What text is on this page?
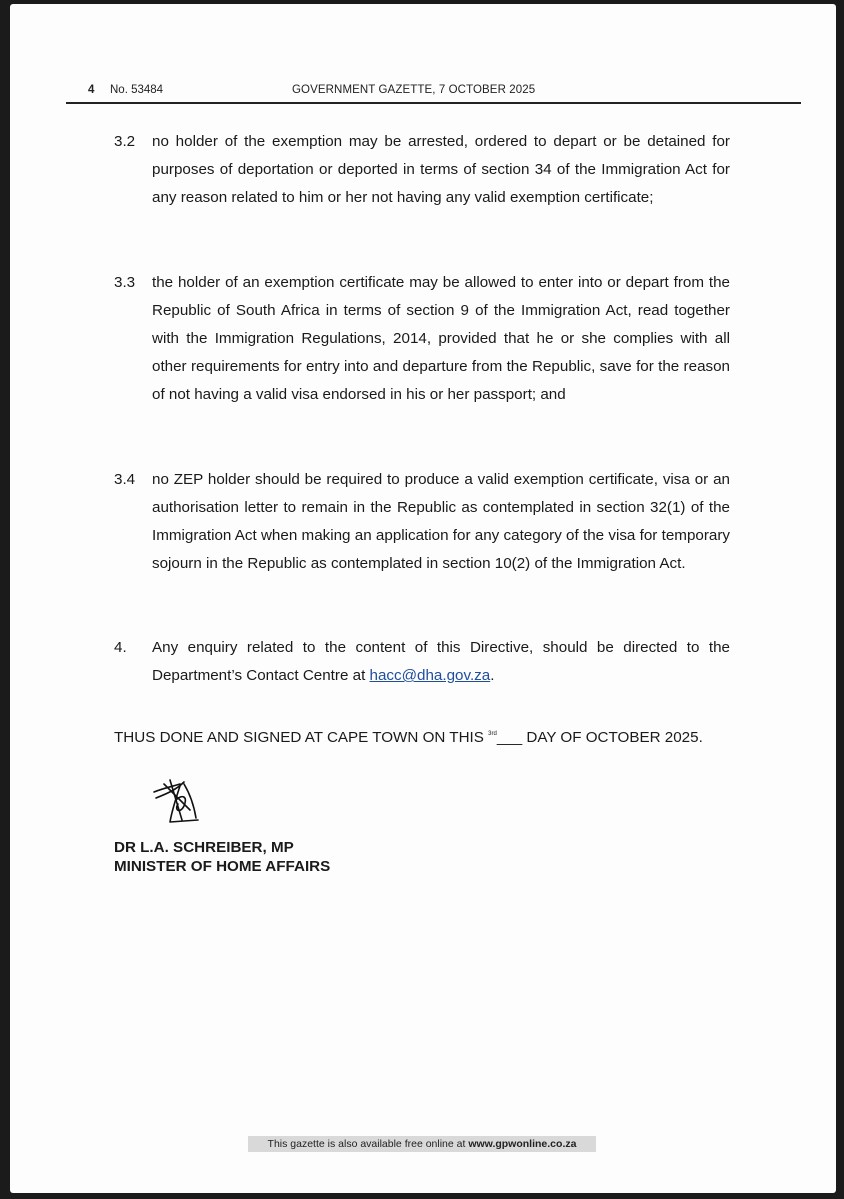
4 No. 53484	GOVERNMENT GAZETTE, 7 OCTOBER 2025
3.2	no holder of the exemption may be arrested, ordered to depart or be detained for purposes of deportation or deported in terms of section 34 of the Immigration Act for any reason related to him or her not having any valid exemption certificate;
3.3	the holder of an exemption certificate may be allowed to enter into or depart from the Republic of South Africa in terms of section 9 of the Immigration Act, read together with the Immigration Regulations, 2014, provided that he or she complies with all other requirements for entry into and departure from the Republic, save for the reason of not having a valid visa endorsed in his or her passport; and
3.4	no ZEP holder should be required to produce a valid exemption certificate, visa or an authorisation letter to remain in the Republic as contemplated in section 32(1) of the Immigration Act when making an application for any category of the visa for temporary sojourn in the Republic as contemplated in section 10(2) of the Immigration Act.
4.	Any enquiry related to the content of this Directive, should be directed to the Department’s Contact Centre at hacc@dha.gov.za.
THUS DONE AND SIGNED AT CAPE TOWN ON THIS $^{3rd}$___ DAY OF OCTOBER 2025.
DR L.A. SCHREIBER, MP
MINISTER OF HOME AFFAIRS
This gazette is also available free online at www.gpwonline.co.za
